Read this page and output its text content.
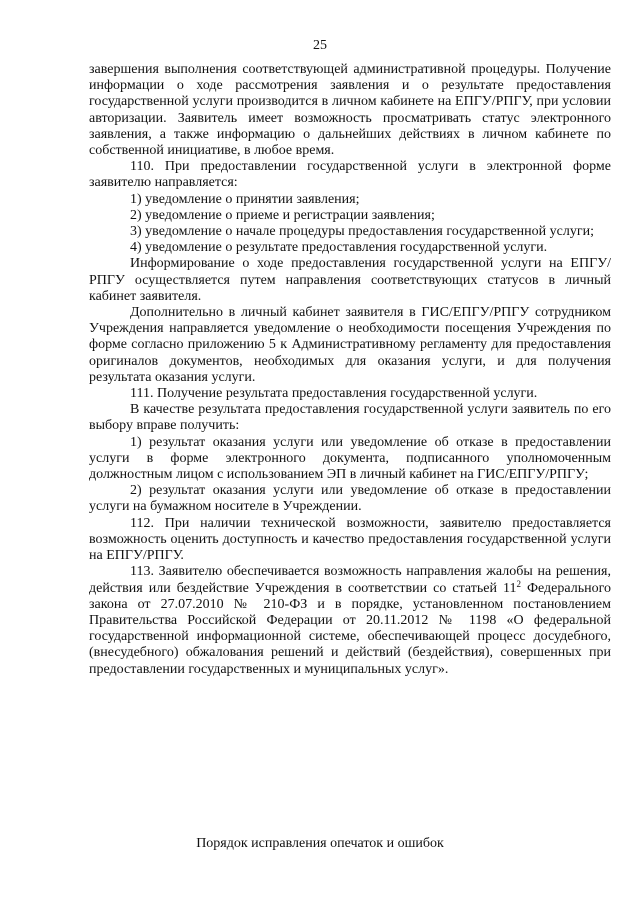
25

завершения выполнения соответствующей административной процедуры. Получение информации о ходе рассмотрения заявления и о результате предоставления государственной услуги производится в личном кабинете на ЕПГУ/РПГУ, при условии авторизации. Заявитель имеет возможность просматривать статус электронного заявления, а также информацию о дальнейших действиях в личном кабинете по собственной инициативе, в любое время.

110. При предоставлении государственной услуги в электронной форме заявителю направляется:

1) уведомление о принятии заявления;

2) уведомление о приеме и регистрации заявления;

3) уведомление о начале процедуры предоставления государственной услуги;

4) уведомление о результате предоставления государственной услуги.

Информирование о ходе предоставления государственной услуги на ЕПГУ/РПГУ осуществляется путем направления соответствующих статусов в личный кабинет заявителя.

Дополнительно в личный кабинет заявителя в ГИС/ЕПГУ/РПГУ сотрудником Учреждения направляется уведомление о необходимости посещения Учреждения по форме согласно приложению 5 к Административному регламенту для предоставления оригиналов документов, необходимых для оказания услуги, и для получения результата оказания услуги.

111. Получение результата предоставления государственной услуги.

В качестве результата предоставления государственной услуги заявитель по его выбору вправе получить:

1) результат оказания услуги или уведомление об отказе в предоставлении услуги в форме электронного документа, подписанного уполномоченным должностным лицом с использованием ЭП в личный кабинет на ГИС/ЕПГУ/РПГУ;

2) результат оказания услуги или уведомление об отказе в предоставлении услуги на бумажном носителе в Учреждении.

112. При наличии технической возможности, заявителю предоставляется возможность оценить доступность и качество предоставления государственной услуги на ЕПГУ/РПГУ.

113. Заявителю обеспечивается возможность направления жалобы на решения, действия или бездействие Учреждения в соответствии со статьей $11^2$ Федерального закона от 27.07.2010 № 210-ФЗ и в порядке, установленном постановлением Правительства Российской Федерации от 20.11.2012 № 1198 «О федеральной государственной информационной системе, обеспечивающей процесс досудебного, (внесудебного) обжалования решений и действий (бездействия), совершенных при предоставлении государственных и муниципальных услуг».

Порядок исправления опечаток и ошибок
